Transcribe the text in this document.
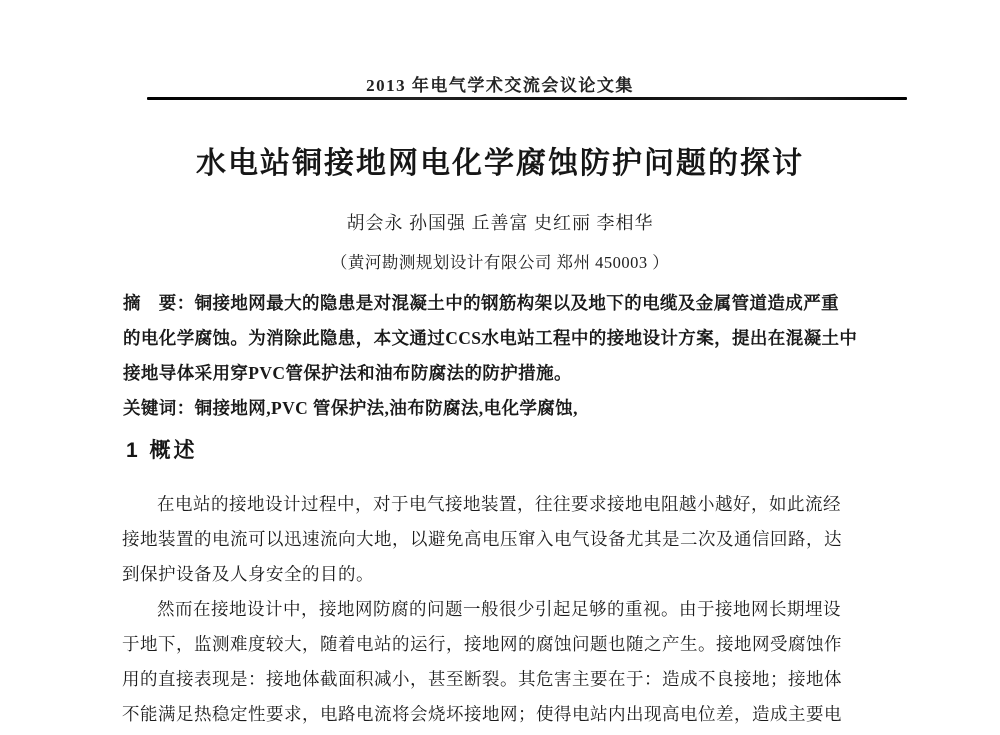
2013 年电气学术交流会议论文集
水电站铜接地网电化学腐蚀防护问题的探讨
胡会永 孙国强 丘善富 史红丽 李相华
（黄河勘测规划设计有限公司 郑州 450003 ）
摘　要：铜接地网最大的隐患是对混凝土中的钢筋构架以及地下的电缆及金属管道造成严重
的电化学腐蚀。为消除此隐患，本文通过CCS水电站工程中的接地设计方案，提出在混凝土中
接地导体采用穿PVC管保护法和油布防腐法的防护措施。
关键词：铜接地网,PVC 管保护法,油布防腐法,电化学腐蚀,
1 概述
在电站的接地设计过程中，对于电气接地装置，往往要求接地电阻越小越好，如此流经
接地装置的电流可以迅速流向大地，以避免高电压窜入电气设备尤其是二次及通信回路，达
到保护设备及人身安全的目的。
然而在接地设计中，接地网防腐的问题一般很少引起足够的重视。由于接地网长期埋设
于地下，监测难度较大，随着电站的运行，接地网的腐蚀问题也随之产生。接地网受腐蚀作
用的直接表现是：接地体截面积减小，甚至断裂。其危害主要在于：造成不良接地；接地体
不能满足热稳定性要求，电路电流将会烧坏接地网；使得电站内出现高电位差，造成主要电
